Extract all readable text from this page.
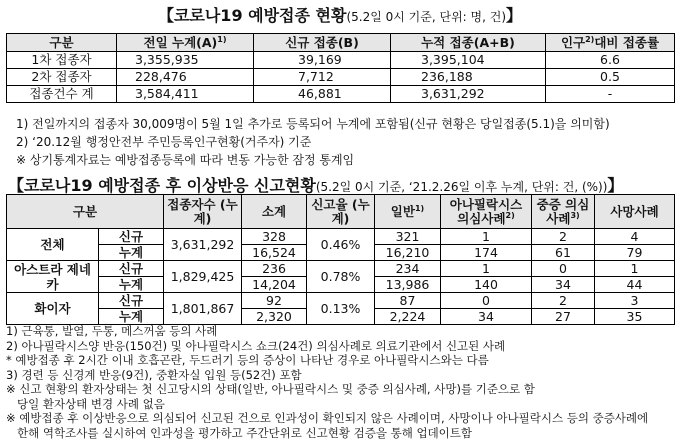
【코로나19 예방접종 현황(5.2일 0시 기준, 단위: 명, 건)】
구분	전일 누계$(A)^{1)}$	신규 접종(B)	누적 접종(A+B)	인구$^{2)}$대비 접종률
1차 접종자	3,355,935	39,169	3,395,104	6.6
2차 접종자	228,476	7,712	236,188	0.5
접종건수 계	3,584,411	46,881	3,631,292	-
1) 전일까지의 접종자 30,009명이 5월 1일 추가로 등록되어 누계에 포함됨(신규 현황은 당일접종(5.1)을 의미함)
2) ‘20.12월 행정안전부 주민등록인구현황(거주자) 기준
※ 상기통계자료는 예방접종등록에 따라 변동 가능한 잠정 통계임
【코로나19 예방접종 후 이상반응 신고현황(5.2일 0시 기준, ‘21.2.26일 이후 누계, 단위: 건, (%))】
구분		접종자수 (누계)	소계	신고율 (누계)	일반$^{1)}$	아나필락시스 의심사례$^{2)}$	중증 의심사례$^{3)}$	사망사례
전체	신규	3,631,292	328	0.46%	321	1	2	4
	누계		16,524		16,210	174	61	79
아스트라 제네카	신규	1,829,425	236	0.78%	234	1	0	1
	누계		14,204		13,986	140	34	44
화이자	신규	1,801,867	92	0.13%	87	0	2	3
	누계		2,320		2,224	34	27	35
1) 근육통, 발열, 두통, 메스꺼움 등의 사례
2) 아나필락시스양 반응(150건) 및 아나필락시스 쇼크(24건) 의심사례로 의료기관에서 신고된 사례
* 예방접종 후 2시간 이내 호흡곤란, 두드러기 등의 증상이 나타난 경우로 아나필락시스와는 다름
3) 경련 등 신경계 반응(9건), 중환자실 입원 등(52건) 포함
※ 신고 현황의 환자상태는 첫 신고당시의 상태(일반, 아나필락시스 및 중증 의심사례, 사망)를 기준으로 함
당일 환자상태 변경 사례 없음
※ 예방접종 후 이상반응으로 의심되어 신고된 건으로 인과성이 확인되지 않은 사례이며, 사망이나 아나필락시스 등의 중증사례에
한해 역학조사를 실시하여 인과성을 평가하고 주간단위로 신고현황 검증을 통해 업데이트함
